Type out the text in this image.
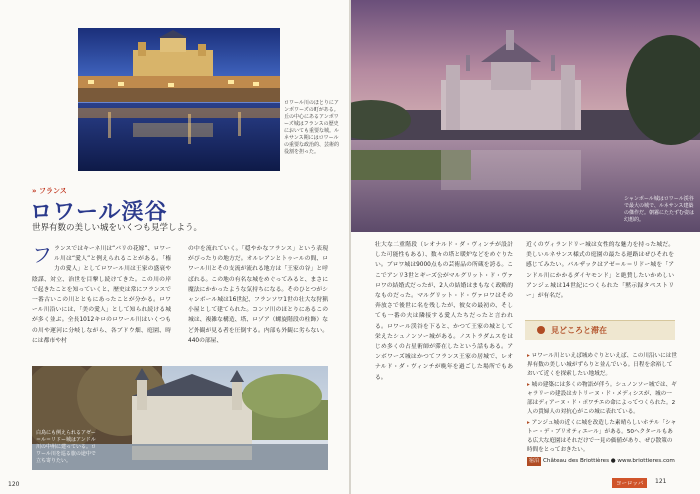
ロワール川のほとりにアンボワーズの町がある。丘の中心にあるアンボワーズ城はフランスの歴史においても重要な城。ルネサンス期にはロワールの重要な政治的、芸術的役割を担った。
» フランス
ロワール渓谷
世界有数の美しい城をいくつも見学しよう。
フランスではキーネ川は“パリの花嫁”、ロワール川は“愛人”と例えられることがある。「権力の愛人」としてロワール川は王家の盛衰や陰謀、対立、治世を目撃し続けてきた。この川の岸で起きたことを知っていくと、歴史は常にフランスで一番古いこの川とともにあったことが分かる。ロワール川沿いには、「美の愛人」として知られ続ける城が多く並ぶ。全長1012キロのロワール川はいくつもの川や運河に分岐しながら、各ブドウ畑、庭園、時には都市や村
の中を流れていく。「穏やかなフランス」という表現がぴったりの地方だ。オルレアンとトゥールの間、ロワール川とその支流が流れる地方は「王家の谷」と呼ばれる。この地の有名な城をめぐってみると、まさに魔法にかかったような気持ちになる。そのひとつがシャンボール城は16世紀、フランソワ1世の壮大な狩猟小屋として建てられた。コンソ川のほとりにあるこの城は、複雑な構造、塔、ロゾア（螺旋階段の柱飾）など外観が見る者を圧倒する。内部も外観に劣らない。440の部屋、
白鳥にも例えられるアゼー＝ル＝リドー城はアンドル川の中州に建っている。ロワール川を巡る旅の途中で立ち寄りたい。
120
シャンボール城はロワール渓谷で最大の城で、ルネサンス建築の傑作だ。朝霧にたたずむ姿は幻想的。
壮大な二重階段（レオナルド・ダ・ヴィンチが設計した可能性もある）、数々の塔と暖炉などをめぐりたい。ブロワ城は9000点もの芸術品の所蔵を誇る。ここでアンリ3世とギーズ公がマルグリット・ド・ヴァロワの結婚式だったが、2人の結婚はまもなく政略的なものだった。マルグリット・ド・ヴァロワはその奔放さで後世に名を残したが、彼女の最初の、そしても一番の夫は隣接する愛人たちだったと言われる。ロワール渓谷を下ると、かつて王家の城として栄えたシュノンソー城がある。ノストラダムスをはじめ多くの占星術師が滞在したという話もある。アンボワーズ城はかつてフランス王家の居城で、レオナルド・ダ・ヴィンチが晩年を過ごした場所でもある。
近くのヴィランドリー城は女性的な魅力を持った城だ。美しいルネサンス様式の庭園の最たる運路はぜひそれを感じてみたい。パルザックはアゼ＝ル＝リドー城を「アンドル川にかかるダイヤモンド」と絶賛したいかめしいアンジェ城は14世紀につくられた「黙示録タペストリー」が有名だ。
ヨーロッパ	121
見どころと滞在

▸ ロワール川といえば城めぐりといえば、この川沿いには世界有数の美しい城がずらりと並んでいる。日程を余裕しておいて近くを探索したい地域だ。

▸ 城の建築には多くの物語が伴う。シュノンソー城では、ギャラリーの建設はカトリーヌ・ド・メディシスが、城の一部はディアーヌ・ド・ポワチエの命によってつくられた。2人の貴婦人の対抗心がこの城に表れている。

▸ アンジュ城の近くに城を改造した素晴らしいホテル「シャトー・デ・ブリオティエール」がある。50ヘクタールもある広大な庭園はそれだけで一見の価値があり、ぜひ散策の時間をとっておきたい。

宿泊 Château des Briottières ● www.briottieres.com
